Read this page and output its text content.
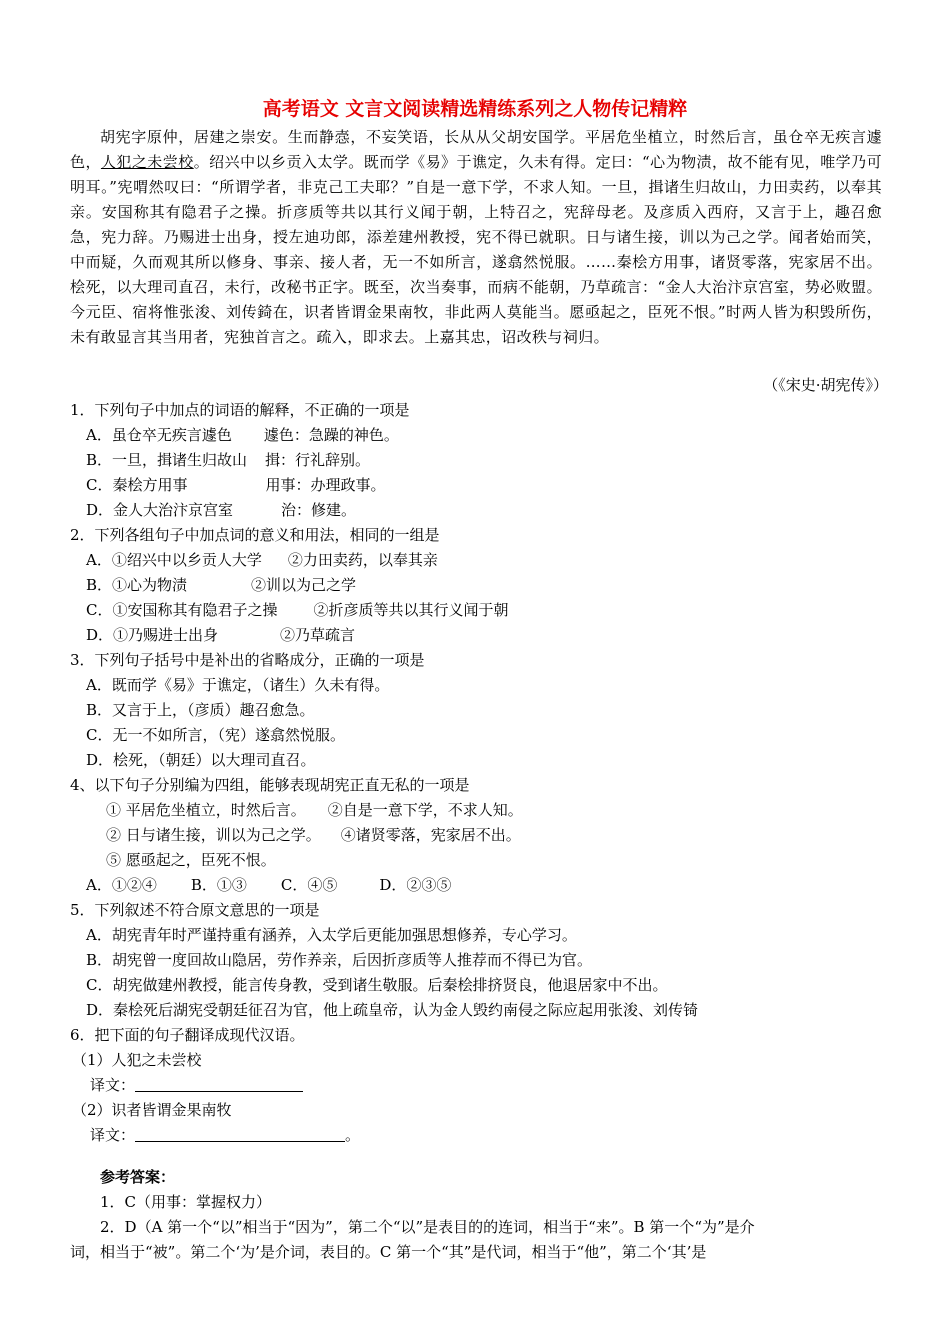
高考语文 文言文阅读精选精练系列之人物传记精粹
胡宪字原仲，居建之崇安。生而静悫，不妄笑语，长从从父胡安国学。平居危坐植立，时然后言，虽仓卒无疾言遽色，人犯之未尝校。绍兴中以乡贡入太学。既而学《易》于谯定，久未有得。定曰：“心为物渍，故不能有见，唯学乃可明耳。”宪喟然叹曰：“所谓学者，非克己工夫耶？”自是一意下学，不求人知。一旦，揖诸生归故山，力田卖药，以奉其亲。安国称其有隐君子之操。折彦质等共以其行义闻于朝，上特召之，宪辞母老。及彦质入西府，又言于上，趣召愈急，宪力辞。乃赐进士出身，授左迪功郎，添差建州教授，宪不得已就职。日与诸生接，训以为己之学。闻者始而笑，中而疑，久而观其所以修身、事亲、接人者，无一不如所言，遂翕然悦服。……秦桧方用事，诸贤零落，宪家居不出。桧死，以大理司直召，未行，改秘书正字。既至，次当奏事，而病不能朝，乃草疏言：“金人大治汴京宫室，势必败盟。今元臣、宿将惟张浚、刘传錡在，识者皆谓金果南牧，非此两人莫能当。愿亟起之，臣死不恨。”时两人皆为积毁所伤，未有敢显言其当用者，宪独首言之。疏入，即求去。上嘉其忠，诏改秩与祠归。
（《宋史·胡宪传》）
1．下列句子中加点的词语的解释，不正确的一项是
A．虽仓卒无疾言遽色 遽色：急躁的神色。
B．一旦，揖诸生归故山 揖：行礼辞别。
C．秦桧方用事	用事：办理政事。
D．金人大治汴京宫室	治：修建。
2．下列各组句子中加点词的意义和用法，相同的一组是
A．①绍兴中以乡贡人大学 ②力田卖药，以奉其亲
B．①心为物渍	②训以为己之学
C．①安国称其有隐君子之操 ②折彦质等共以其行义闻于朝
D．①乃赐进士出身	②乃草疏言
3．下列句子括号中是补出的省略成分，正确的一项是
A．既而学《易》于谯定，（诸生）久未有得。
B．又言于上，（彦质）趣召愈急。
C．无一不如所言，（宪）遂翕然悦服。
D．桧死，（朝廷）以大理司直召。
4、以下句子分别编为四组，能够表现胡宪正直无私的一项是
① 平居危坐植立，时然后言。 ②自是一意下学，不求人知。
② 日与诸生接，训以为己之学。 ④诸贤零落，宪家居不出。
⑤ 愿亟起之，臣死不恨。
A．①②④ B．①③ C．④⑤	D．②③⑤
5．下列叙述不符合原文意思的一项是
A．胡宪青年时严谨持重有涵养，入太学后更能加强思想修养，专心学习。
B．胡宪曾一度回故山隐居，劳作养亲，后因折彦质等人推荐而不得已为官。
C．胡宪做建州教授，能言传身教，受到诸生敬服。后秦桧排挤贤良，他退居家中不出。
D．秦桧死后湖宪受朝廷征召为官，他上疏皇帝，认为金人毁约南侵之际应起用张浚、刘传锜
6．把下面的句子翻译成现代汉语。
（1）人犯之未尝校
译文：
（2）识者皆谓金果南牧
译文：	。
参考答案：
1．C（用事：掌握权力）
2．D（A 第一个“以”相当于“因为”，第二个“以”是表目的的连词，相当于“来”。B 第一个“为”是介
词，相当于“被”。第二个‘为’是介词，表目的。C 第一个“其”是代词，相当于“他”，第二个‘其’是
